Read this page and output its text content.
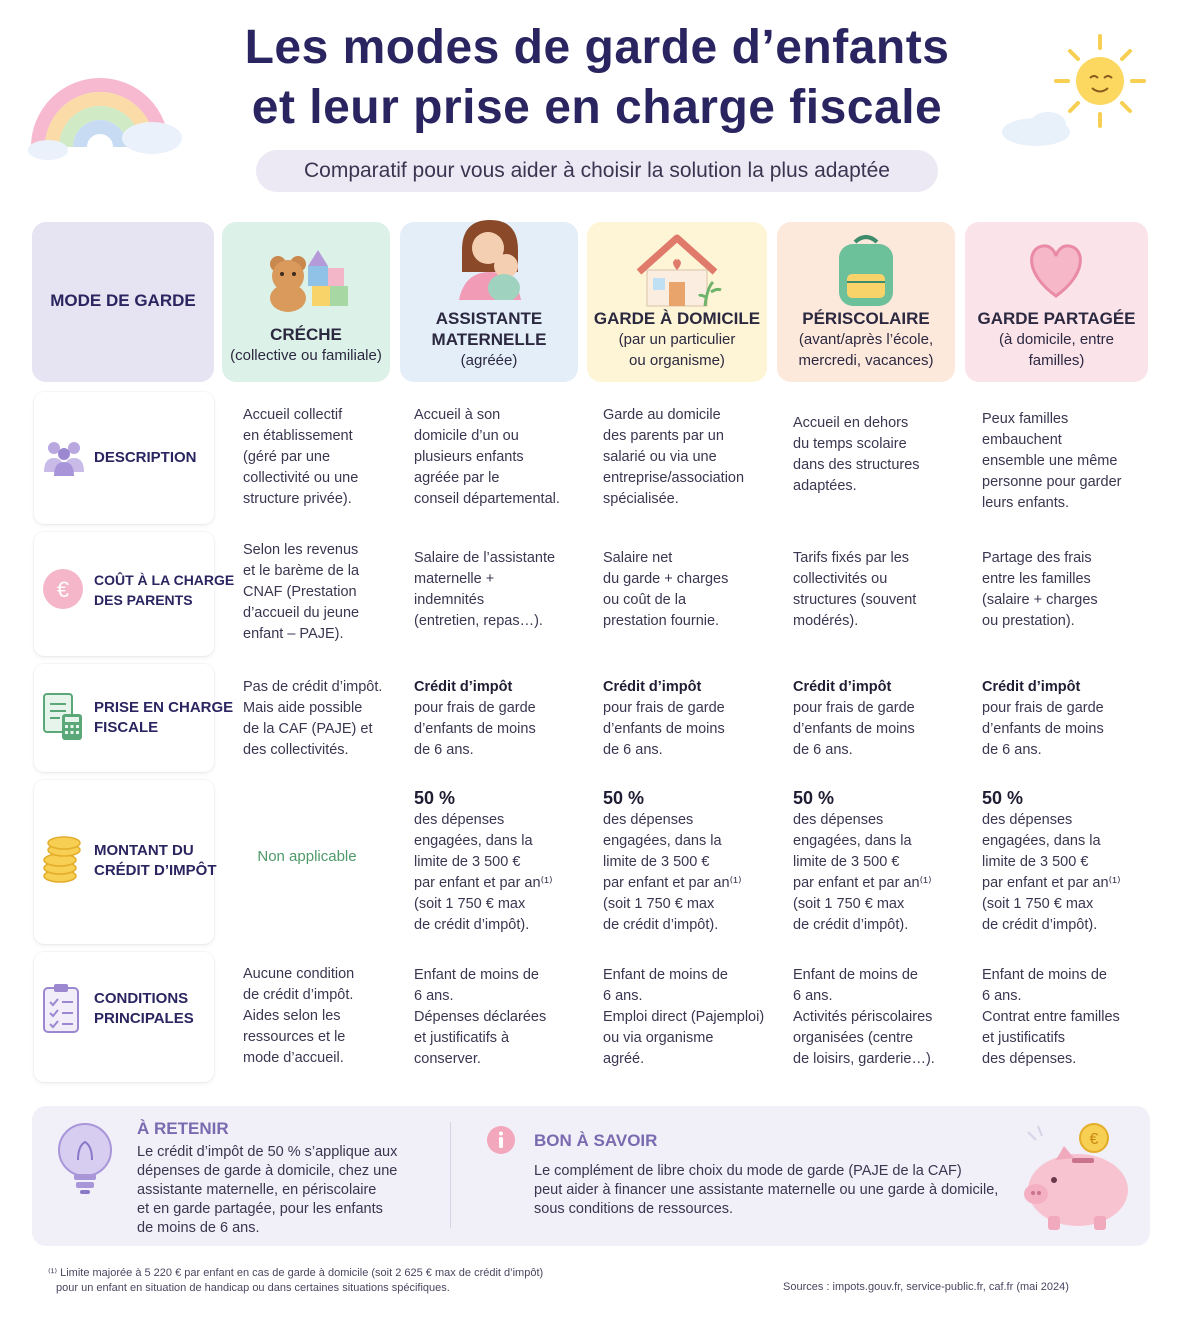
Les modes de garde d’enfants
et leur prise en charge fiscale
Comparatif pour vous aider à choisir la solution la plus adaptée
MODE DE GARDE
CRÉCHE
(collective ou familiale)
ASSISTANTE
MATERNELLE
(agréée)
GARDE À DOMICILE
(par un particulier
ou organisme)
PÉRISCOLAIRE
(avant/après l’école,
mercredi, vacances)
GARDE PARTAGÉE
(à domicile, entre
familles)
DESCRIPTION
€ COÛT À LA CHARGE
DES PARENTS
PRISE EN CHARGE
FISCALE
MONTANT DU
CRÉDIT D’IMPÔT
CONDITIONS
PRINCIPALES
Accueil collectif
en établissement
(géré par une
collectivité ou une
structure privée).
Accueil à son
domicile d’un ou
plusieurs enfants
agréée par le
conseil départemental.
Garde au domicile
des parents par un
salarié ou via une
entreprise/association
spécialisée.
Accueil en dehors
du temps scolaire
dans des structures
adaptées.
Peux familles
embauchent
ensemble une même
personne pour garder
leurs enfants.
Selon les revenus
et le barème de la
CNAF (Prestation
d’accueil du jeune
enfant – PAJE).
Salaire de l’assistante
maternelle +
indemnités
(entretien, repas…).
Salaire net
du garde + charges
ou coût de la
prestation fournie.
Tarifs fixés par les
collectivités ou
structures (souvent
modérés).
Partage des frais
entre les familles
(salaire + charges
ou prestation).
Pas de crédit d’impôt.
Mais aide possible
de la CAF (PAJE) et
des collectivités.
Crédit d’impôt
pour frais de garde
d’enfants de moins
de 6 ans.
Crédit d’impôt
pour frais de garde
d’enfants de moins
de 6 ans.
Crédit d’impôt
pour frais de garde
d’enfants de moins
de 6 ans.
Crédit d’impôt
pour frais de garde
d’enfants de moins
de 6 ans.
Non applicable
50 %
des dépenses
engagées, dans la
limite de 3 500 €
par enfant et par an⁽¹⁾
(soit 1 750 € max
de crédit d’impôt).
50 %
des dépenses
engagées, dans la
limite de 3 500 €
par enfant et par an⁽¹⁾
(soit 1 750 € max
de crédit d’impôt).
50 %
des dépenses
engagées, dans la
limite de 3 500 €
par enfant et par an⁽¹⁾
(soit 1 750 € max
de crédit d’impôt).
50 %
des dépenses
engagées, dans la
limite de 3 500 €
par enfant et par an⁽¹⁾
(soit 1 750 € max
de crédit d’impôt).
Aucune condition
de crédit d’impôt.
Aides selon les
ressources et le
mode d’accueil.
Enfant de moins de
6 ans.
Dépenses déclarées
et justificatifs à
conserver.
Enfant de moins de
6 ans.
Emploi direct (Pajemploi)
ou via organisme
agréé.
Enfant de moins de
6 ans.
Activités périscolaires
organisées (centre
de loisirs, garderie…).
Enfant de moins de
6 ans.
Contrat entre familles
et justificatifs
des dépenses.
À RETENIR
Le crédit d’impôt de 50 % s’applique aux
dépenses de garde à domicile, chez une
assistante maternelle, en périscolaire
et en garde partagée, pour les enfants
de moins de 6 ans.
BON À SAVOIR
Le complément de libre choix du mode de garde (PAJE de la CAF)
peut aider à financer une assistante maternelle ou une garde à domicile,
sous conditions de ressources.
€
⁽¹⁾ Limite majorée à 5 220 € par enfant en cas de garde à domicile (soit 2 625 € max de crédit d’impôt)
pour un enfant en situation de handicap ou dans certaines situations spécifiques.	Sources : impots.gouv.fr, service-public.fr, caf.fr (mai 2024)
